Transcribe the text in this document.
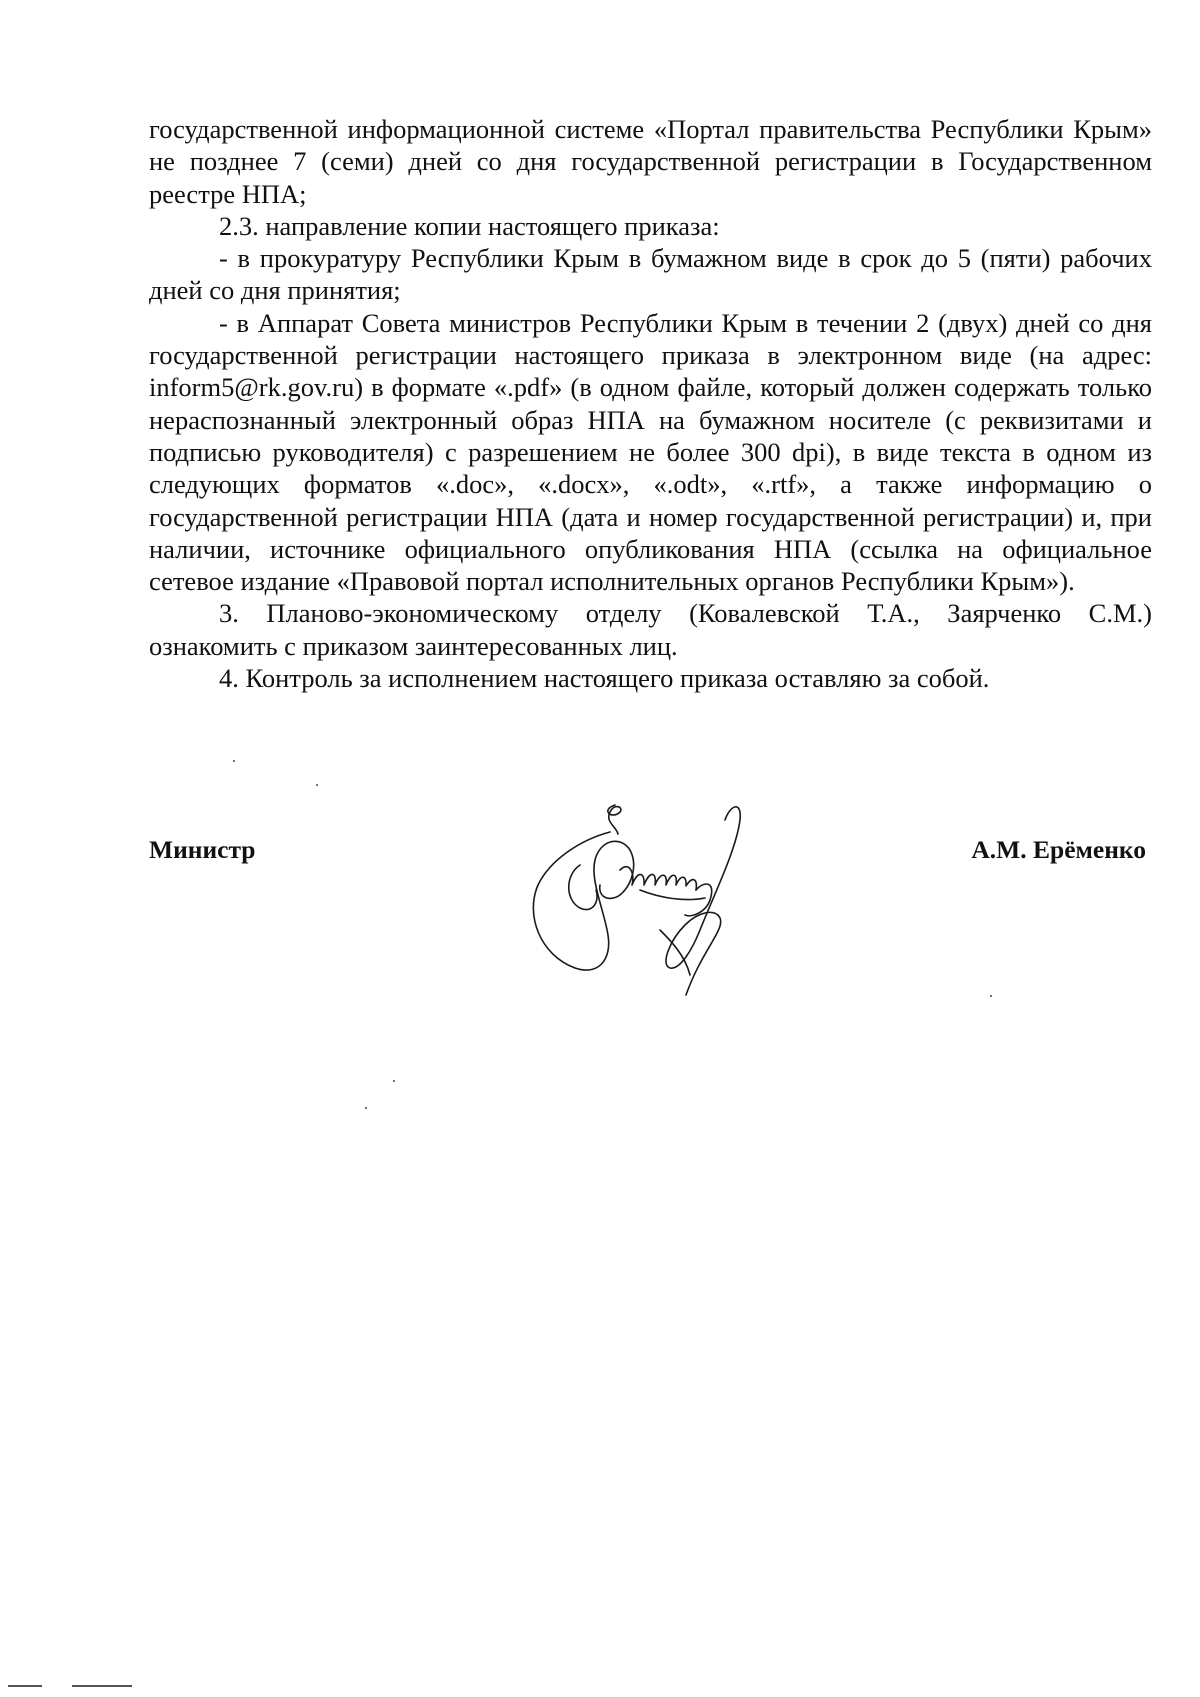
государственной информационной системе «Портал правительства Республики Крым» не позднее 7 (семи) дней со дня государственной регистрации в Государственном реестре НПА;

2.3. направление копии настоящего приказа:

- в прокуратуру Республики Крым в бумажном виде в срок до 5 (пяти) рабочих дней со дня принятия;

- в Аппарат Совета министров Республики Крым в течении 2 (двух) дней со дня государственной регистрации настоящего приказа в электронном виде (на адрес: inform5@rk.gov.ru) в формате «.pdf» (в одном файле, который должен содержать только нераспознанный электронный образ НПА на бумажном носителе (с реквизитами и подписью руководителя) с разрешением не более 300 dpi), в виде текста в одном из следующих форматов «.doc», «.docx», «.odt», «.rtf», а также информацию о государственной регистрации НПА (дата и номер государственной регистрации) и, при наличии, источнике официального опубликования НПА (ссылка на официальное сетевое издание «Правовой портал исполнительных органов Республики Крым»).

3. Планово-экономическому отделу (Ковалевской Т.А., Заярченко С.М.) ознакомить с приказом заинтересованных лиц.

4. Контроль за исполнением настоящего приказа оставляю за собой.

Министр	А.М. Ерёменко
